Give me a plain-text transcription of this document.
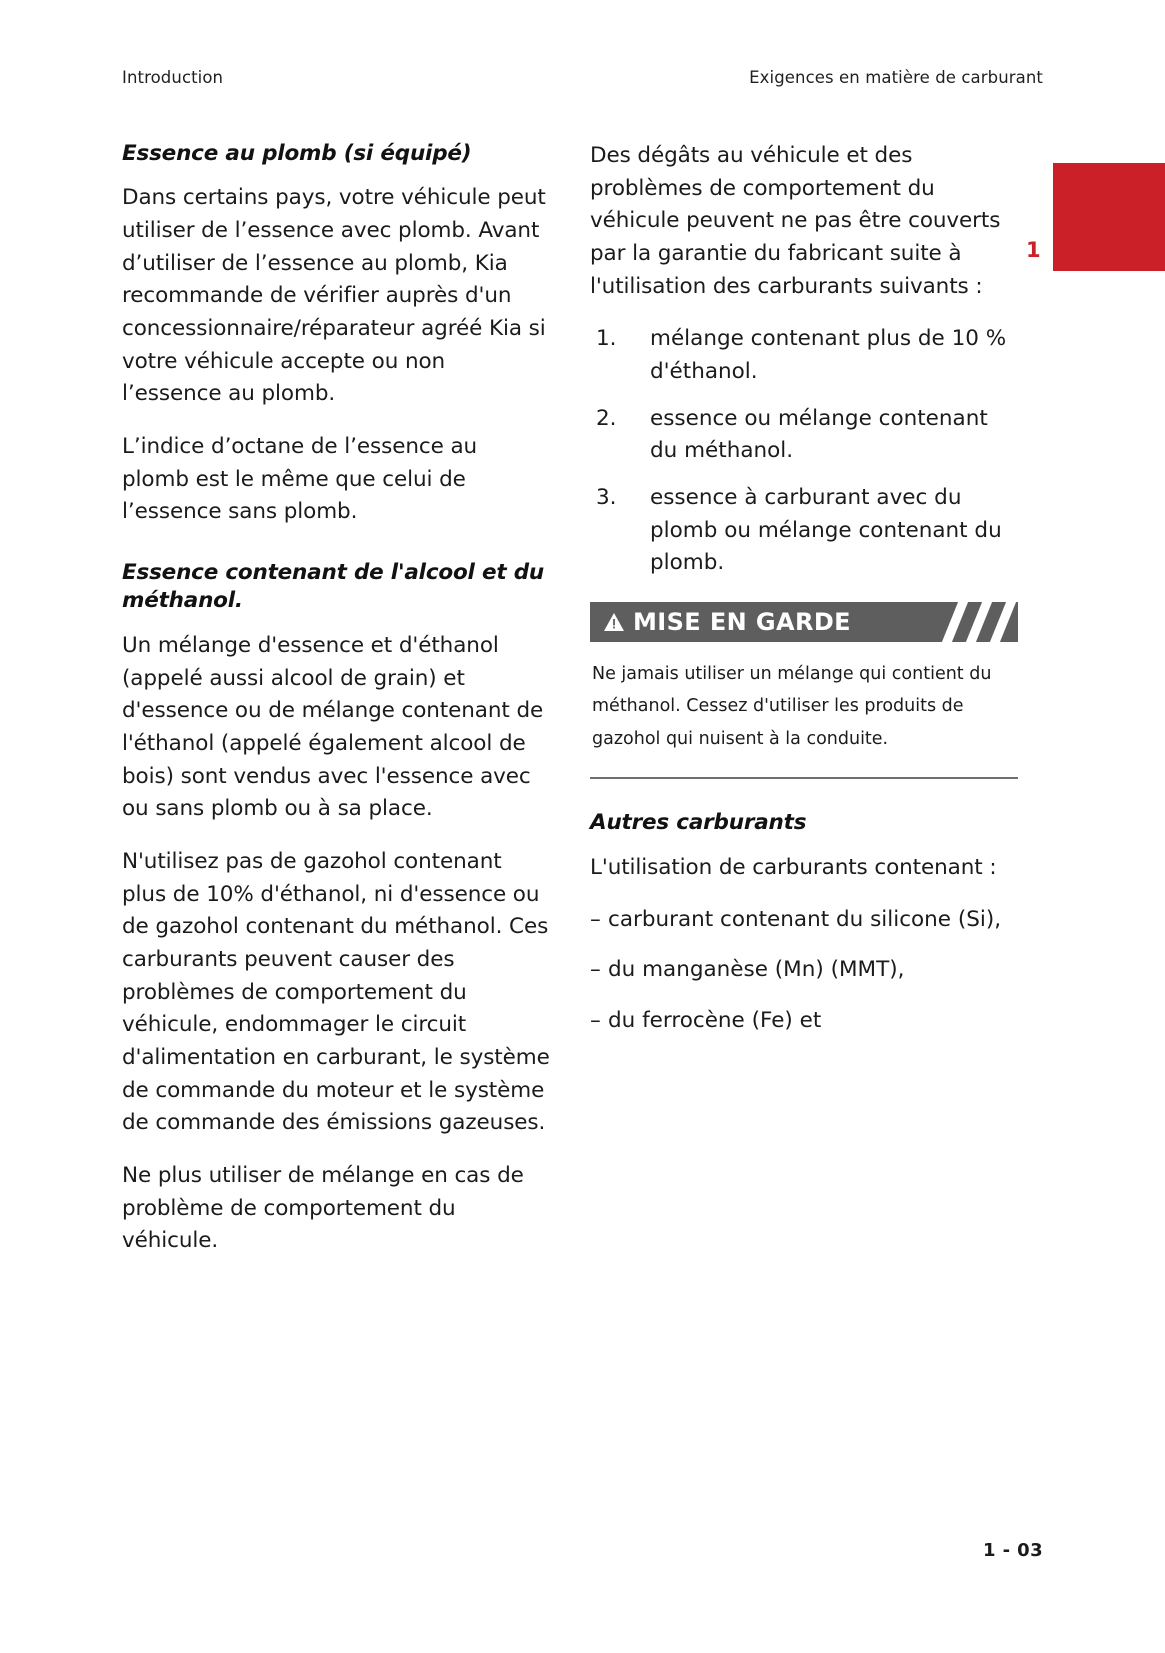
Introduction	Exigences en matière de carburant
1
Essence au plomb (si équipé)

Dans certains pays, votre véhicule peut utiliser de l’essence avec plomb. Avant d’utiliser de l’essence au plomb, Kia recommande de vérifier auprès d'un concessionnaire/réparateur agréé Kia si votre véhicule accepte ou non l’essence au plomb.

L’indice d’octane de l’essence au plomb est le même que celui de l’essence sans plomb.

Essence contenant de l'alcool et du méthanol.

Un mélange d'essence et d'éthanol (appelé aussi alcool de grain) et d'essence ou de mélange contenant de l'éthanol (appelé également alcool de bois) sont vendus avec l'essence avec ou sans plomb ou à sa place.

N'utilisez pas de gazohol contenant plus de 10% d'éthanol, ni d'essence ou de gazohol contenant du méthanol. Ces carburants peuvent causer des problèmes de comportement du véhicule, endommager le circuit d'alimentation en carburant, le système de commande du moteur et le système de commande des émissions gazeuses.

Ne plus utiliser de mélange en cas de problème de comportement du véhicule.

Des dégâts au véhicule et des problèmes de comportement du véhicule peuvent ne pas être couverts par la garantie du fabricant suite à l'utilisation des carburants suivants :

1. mélange contenant plus de 10 % d'éthanol.
2. essence ou mélange contenant du méthanol.
3. essence à carburant avec du plomb ou mélange contenant du plomb.
MISE EN GARDE

Ne jamais utiliser un mélange qui contient du méthanol. Cessez d'utiliser les produits de gazohol qui nuisent à la conduite.

Autres carburants

L'utilisation de carburants contenant :

– carburant contenant du silicone (Si),
– du manganèse (Mn) (MMT),
– du ferrocène (Fe) et
1 - 03
